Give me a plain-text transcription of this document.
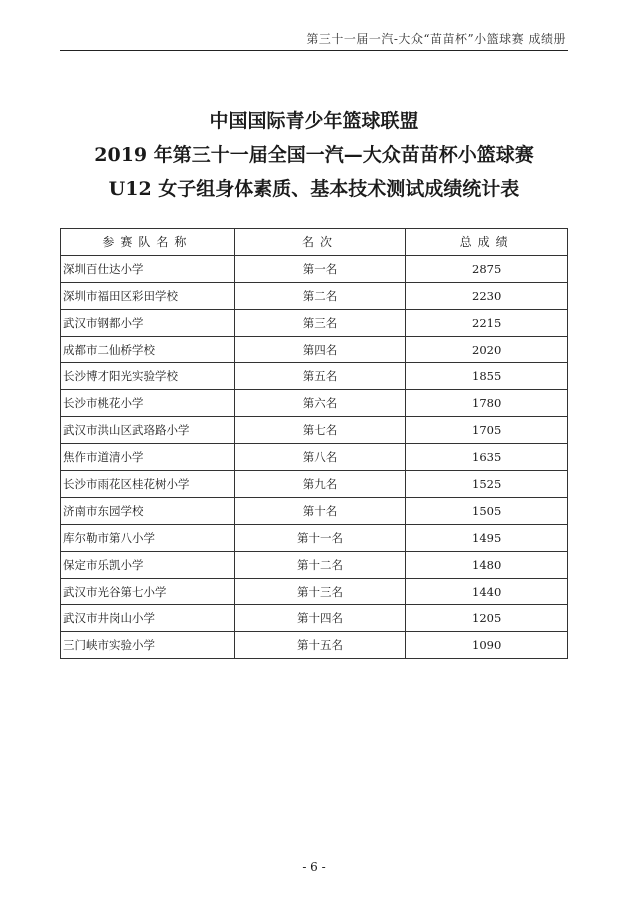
第三十一届一汽-大众“苗苗杯”小篮球赛 成绩册
中国国际青少年篮球联盟
2019 年第三十一届全国一汽—大众苗苗杯小篮球赛
U12 女子组身体素质、基本技术测试成绩统计表
参赛队名称	名次	总成绩
深圳百仕达小学	第一名	2875
深圳市福田区彩田学校	第二名	2230
武汉市钢都小学	第三名	2215
成都市二仙桥学校	第四名	2020
长沙博才阳光实验学校	第五名	1855
长沙市桃花小学	第六名	1780
武汉市洪山区武珞路小学	第七名	1705
焦作市道清小学	第八名	1635
长沙市雨花区桂花树小学	第九名	1525
济南市东园学校	第十名	1505
库尔勒市第八小学	第十一名	1495
保定市乐凯小学	第十二名	1480
武汉市光谷第七小学	第十三名	1440
武汉市井岗山小学	第十四名	1205
三门峡市实验小学	第十五名	1090
- 6 -
